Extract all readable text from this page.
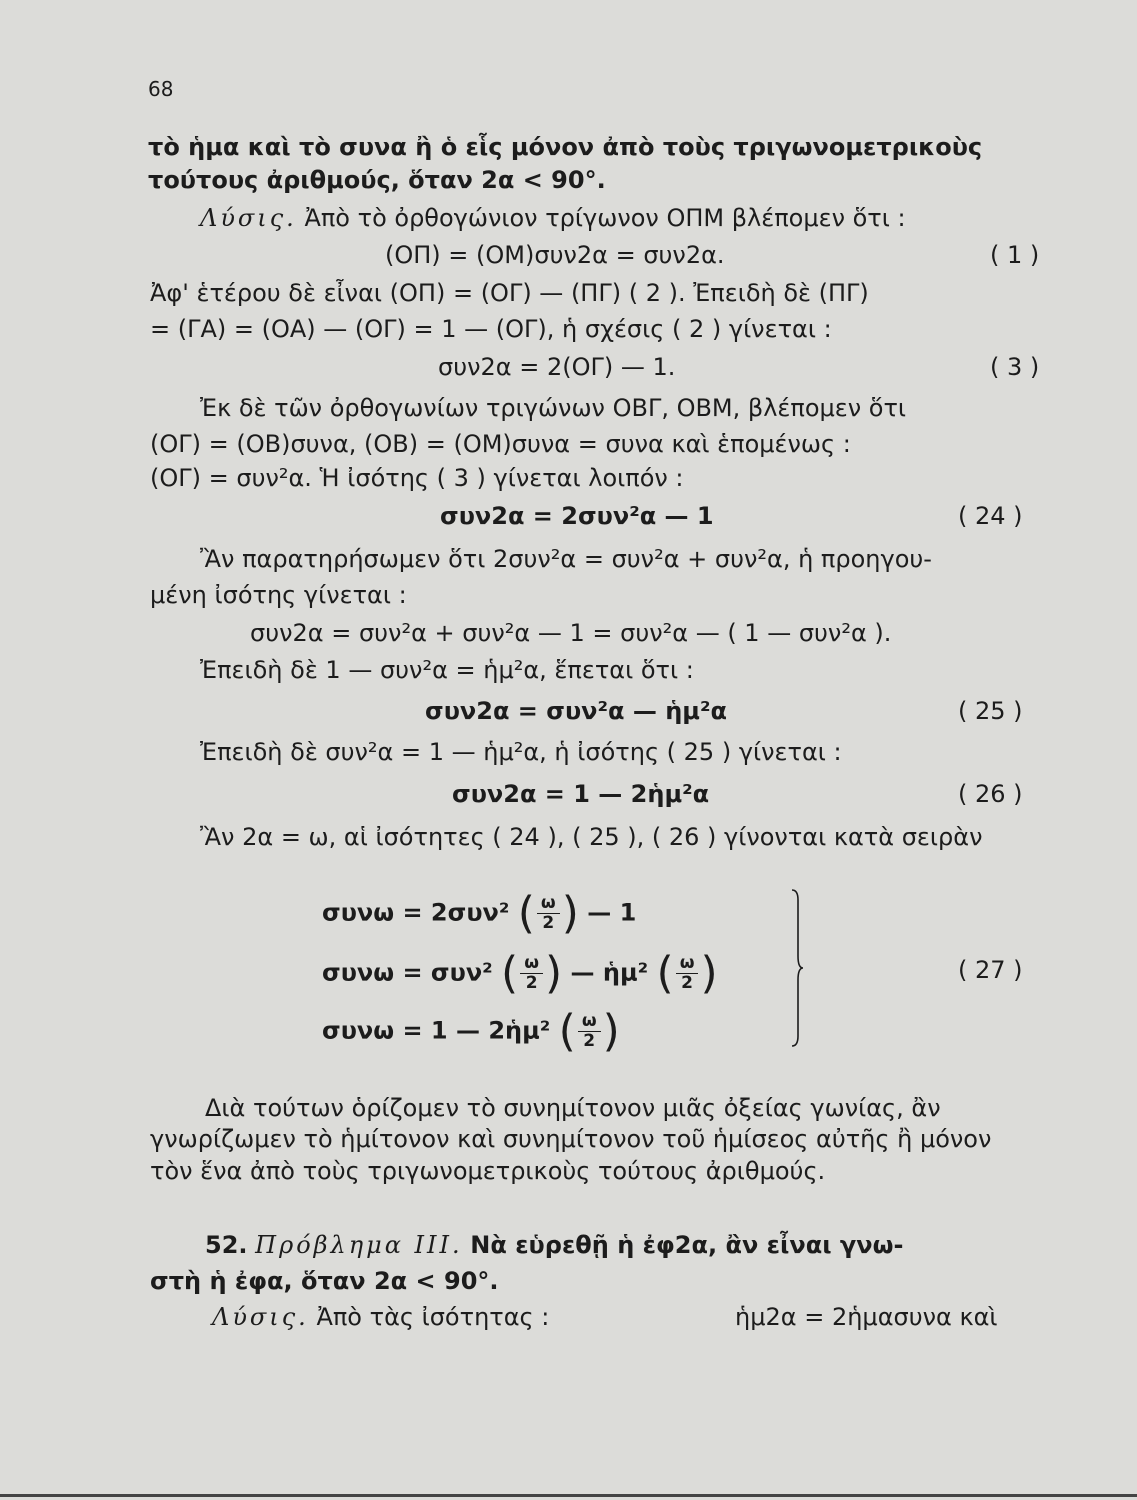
68
τὸ ἡμα καὶ τὸ συνα ἢ ὁ εἷς μόνον ἀπὸ τοὺς τριγωνομετρικοὺς
τούτους ἀριθμούς, ὅταν 2α < 90°.
Λύσις. Ἀπὸ τὸ ὀρθογώνιον τρίγωνον ΟΠΜ βλέπομεν ὅτι :
(ΟΠ) = (ΟΜ)συν2α = συν2α.	( 1 )
Ἀφ' ἑτέρου δὲ εἶναι (ΟΠ) = (ΟΓ) — (ΠΓ) ( 2 ). Ἐπειδὴ δὲ (ΠΓ)
= (ΓΑ) = (ΟΑ) — (ΟΓ) = 1 — (ΟΓ), ἡ σχέσις ( 2 ) γίνεται :
συν2α = 2(ΟΓ) — 1.	( 3 )
Ἐκ δὲ τῶν ὀρθογωνίων τριγώνων ΟΒΓ, ΟΒΜ, βλέπομεν ὅτι
(ΟΓ) = (ΟΒ)συνα, (ΟΒ) = (ΟΜ)συνα = συνα καὶ ἑπομένως :
(ΟΓ) = συν²α. Ἡ ἰσότης ( 3 ) γίνεται λοιπόν :
συν2α = 2συν²α — 1	( 24 )
Ἂν παρατηρήσωμεν ὅτι 2συν²α = συν²α + συν²α, ἡ προηγου-
μένη ἰσότης γίνεται :
συν2α = συν²α + συν²α — 1 = συν²α — ( 1 — συν²α ).
Ἐπειδὴ δὲ 1 — συν²α = ἡμ²α, ἕπεται ὅτι :
συν2α = συν²α — ἡμ²α	( 25 )
Ἐπειδὴ δὲ συν²α = 1 — ἡμ²α, ἡ ἰσότης ( 25 ) γίνεται :
συν2α = 1 — 2ἡμ²α	( 26 )
Ἂν 2α = ω, αἱ ἰσότητες ( 24 ), ( 25 ), ( 26 ) γίνονται κατὰ σειρὰν
συνω = 2συν² ( $\frac{\omega}{2}$ ) — 1
συνω = συν² ( $\frac{\omega}{2}$ ) — ἡμ² ( $\frac{\omega}{2}$ )
συνω = 1 — 2ἡμ² ( $\frac{\omega}{2}$ )
( 27 )
Διὰ τούτων ὁρίζομεν τὸ συνημίτονον μιᾶς ὀξείας γωνίας, ἂν
γνωρίζωμεν τὸ ἡμίτονον καὶ συνημίτονον τοῦ ἡμίσεος αὐτῆς ἢ μόνον
τὸν ἕνα ἀπὸ τοὺς τριγωνομετρικοὺς τούτους ἀριθμούς.
52. Πρόβλημα ΙΙΙ. Νὰ εὑρεθῇ ἡ ἐφ2α, ἂν εἶναι γνω-
στὴ ἡ ἐφα, ὅταν 2α < 90°.
Λύσις. Ἀπὸ τὰς ἰσότητας :	ἡμ2α = 2ἡμασυνα καὶ
